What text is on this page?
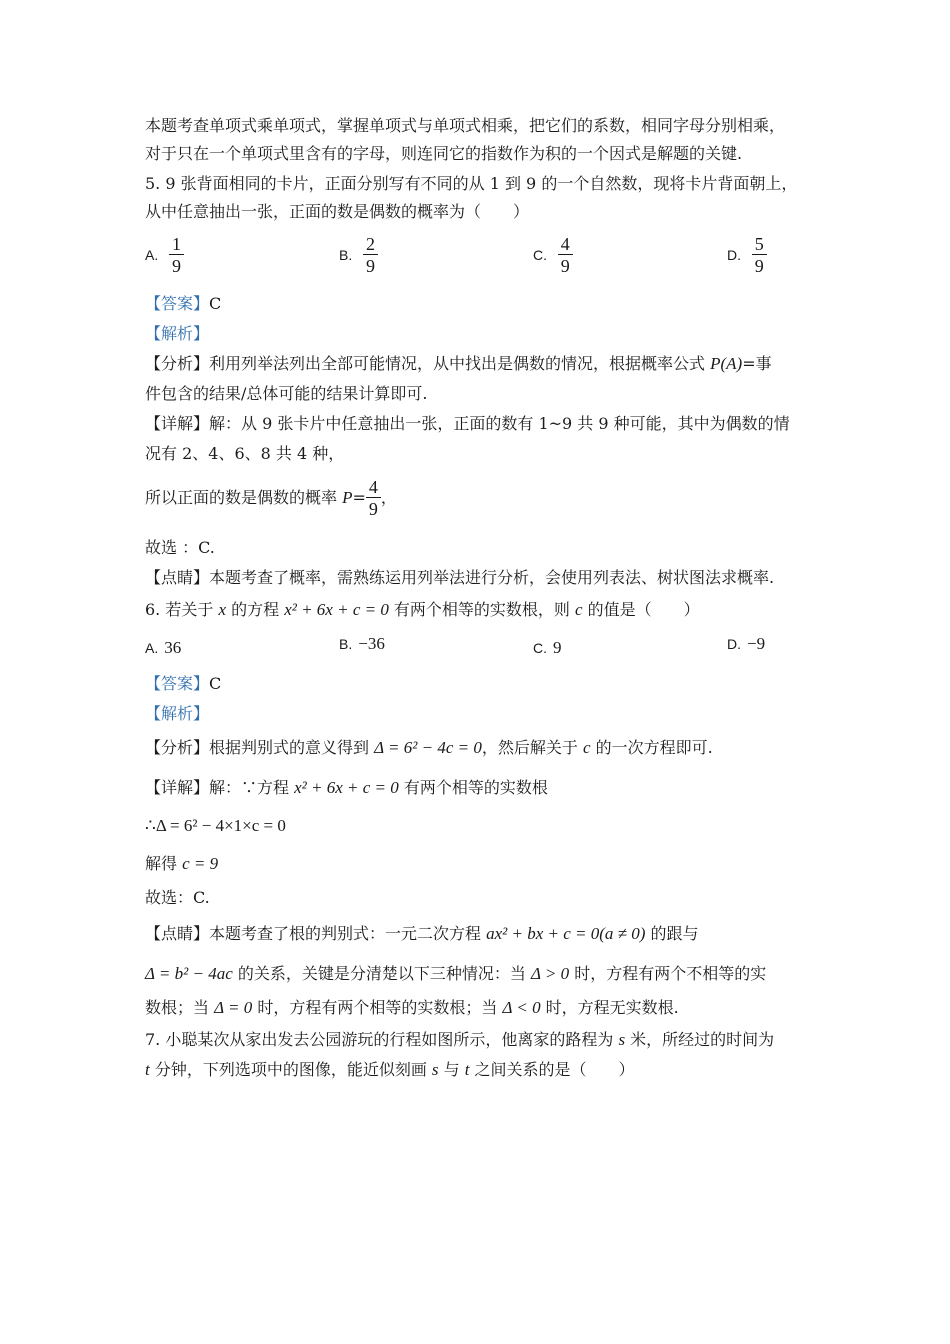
本题考查单项式乘单项式，掌握单项式与单项式相乘，把它们的系数，相同字母分别相乘，
对于只在一个单项式里含有的字母，则连同它的指数作为积的一个因式是解题的关键.
5. 9 张背面相同的卡片，正面分别写有不同的从 1 到 9 的一个自然数，现将卡片背面朝上，
从中任意抽出一张，正面的数是偶数的概率为（　　）
A. $\frac{1}{9}$	B. $\frac{2}{9}$	C. $\frac{4}{9}$	D. $\frac{5}{9}$
【答案】C
【解析】
【分析】利用列举法列出全部可能情况，从中找出是偶数的情况，根据概率公式 P(A)=事
件包含的结果/总体可能的结果计算即可.
【详解】解：从 9 张卡片中任意抽出一张，正面的数有 1~9 共 9 种可能，其中为偶数的情
况有 2、4、6、8 共 4 种，
所以正面的数是偶数的概率 $P= \frac{4}{9}$ ，
故选 ：C.
【点睛】本题考查了概率，需熟练运用列举法进行分析，会使用列表法、树状图法求概率.
6. 若关于 x 的方程 x² + 6x + c = 0 有两个相等的实数根，则 c 的值是（　　）
A. 36	B. −36	C. 9	D. −9
【答案】C
【解析】
【分析】根据判别式的意义得到 Δ = 6² − 4c = 0，然后解关于 c 的一次方程即可.
【详解】解：∵方程 x² + 6x + c = 0 有两个相等的实数根
∴Δ = 6² − 4×1×c = 0
解得 c = 9
故选：C.
【点睛】本题考查了根的判别式：一元二次方程 ax² + bx + c = 0(a ≠ 0) 的跟与
Δ = b² − 4ac 的关系，关键是分清楚以下三种情况：当 Δ > 0 时，方程有两个不相等的实
数根；当 Δ = 0 时，方程有两个相等的实数根；当 Δ < 0 时，方程无实数根.
7. 小聪某次从家出发去公园游玩的行程如图所示，他离家的路程为 s 米，所经过的时间为
t 分钟，下列选项中的图像，能近似刻画 s 与 t 之间关系的是（　　）
